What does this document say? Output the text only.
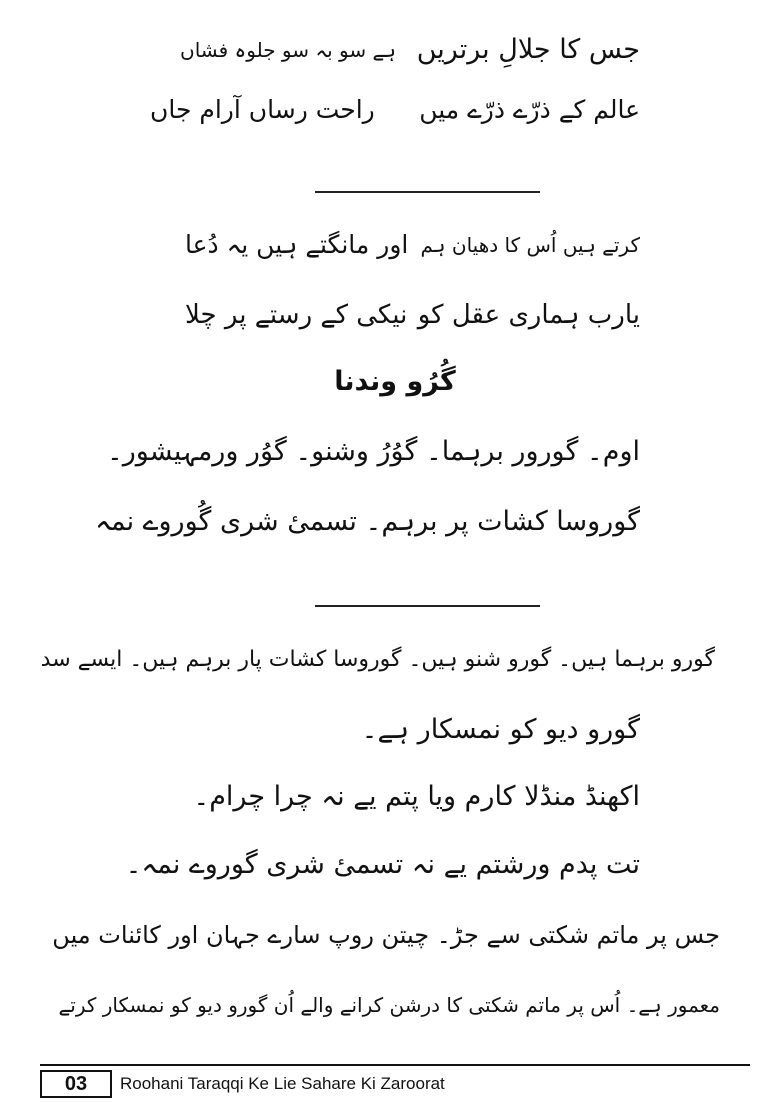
جس کا جلالِ برتریں
ہے سو بہ سو جلوہ فشاں
عالم کے ذرّے ذرّے میں
راحت رساں آرام جاں
کرتے ہیں اُس کا دھیان ہم
اور مانگتے ہیں یہ دُعا
یارب ہماری عقل کو
نیکی کے رستے پر چلا
گُرُو وندنا
اوم۔ گورور برہما۔ گوُرُ وشنو۔ گوُر ورمہیشور۔
گوروسا کشات پر برہم۔ تسمیٔ شری گُوروے نمہ
گورو برہما ہیں۔ گورو شنو ہیں۔ گوروسا کشات پار برہم ہیں۔ ایسے سد
گورو دیو کو نمسکار ہے۔
اکھنڈ منڈلا کارم ویا پتم یے نہ چرا چرام۔
تت پدم ورشتم یے نہ تسمیٔ شری گوروے نمہ۔
جس پر ماتم شکتی سے جڑ۔ چیتن روپ سارے جہان اور کائنات میں
معمور ہے۔ اُس پر ماتم شکتی کا درشن کرانے والے اُن گورو دیو کو نمسکار کرتے
03	Roohani Taraqqi Ke Lie Sahare Ki Zaroorat
